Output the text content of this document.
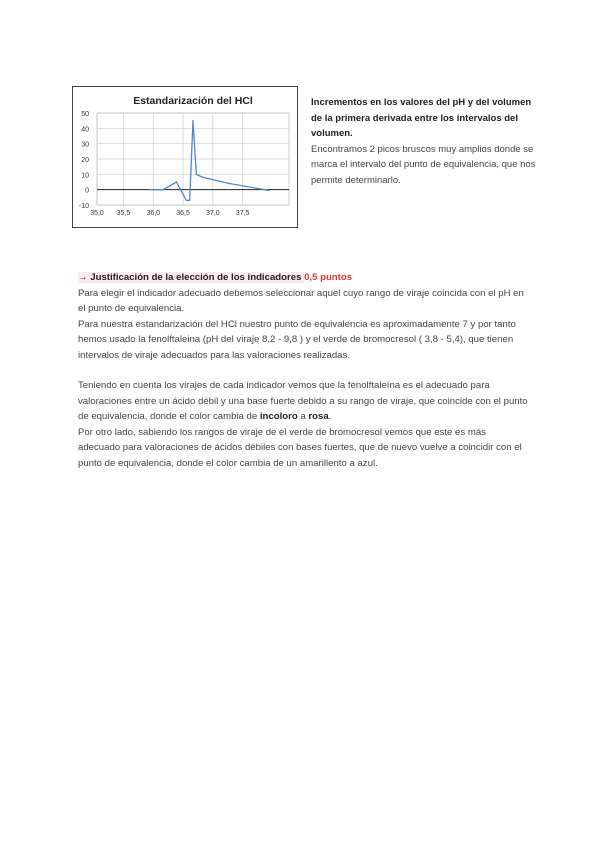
Estandarización del HCl
50
40
30
20
10
0
-10
35,0 35,5 36,0 36,5 37,0 37,5
Incrementos en los valores del pH y del volumen de la primera derivada entre los intervalos del volumen.
Encontramos 2 picos bruscos muy amplios donde se marca el intervalo del punto de equivalencia, que nos permite determinarlo.

→ Justificación de la elección de los indicadores 0,5 puntos

Para elegir el indicador adecuado debemos seleccionar aquel cuyo rango de viraje coincida con el pH en el punto de equivalencia.

Para nuestra estandarización del HCl nuestro punto de equivalencia es aproximadamente 7 y por tanto hemos usado la fenolftaleina (pH del viraje 8,2 - 9,8 ) y el verde de bromocresol ( 3,8 - 5,4), que tienen intervalos de viraje adecuados para las valoraciones realizadas.

Teniendo en cuenta los virajes de cada indicador vemos que la fenolftaleína es el adecuado para valoraciones entre un ácido débil y una base fuerte debido a su rango de viraje, que coincide con el punto de equivalencia, donde el color cambia de incoloro a rosa.

Por otro lado, sabiendo los rangos de viraje de el verde de bromocresol vemos que este es más adecuado para valoraciones de ácidos débiles con bases fuertes, que de nuevo vuelve a coincidir con el punto de equivalencia, donde el color cambia de un amarillento a azul.
